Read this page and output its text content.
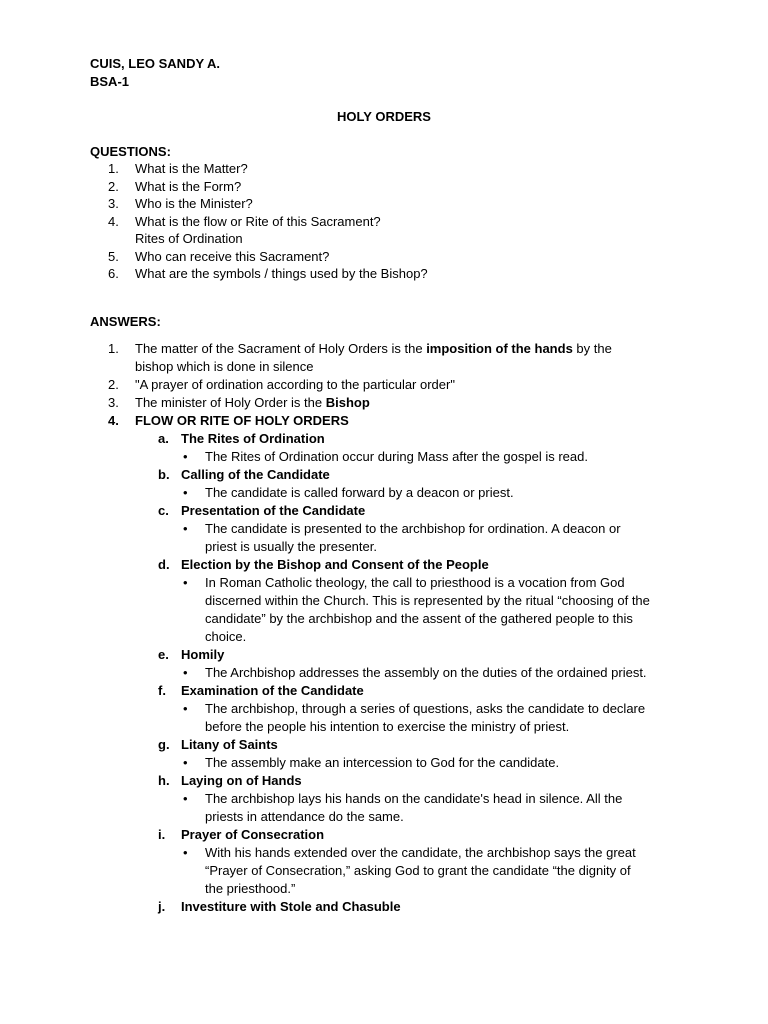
CUIS, LEO SANDY A.
BSA-1
HOLY ORDERS
QUESTIONS:
1.	What is the Matter?
2.	What is the Form?
3.	Who is the Minister?
4.	What is the flow or Rite of this Sacrament?
Rites of Ordination
5.	Who can receive this Sacrament?
6.	What are the symbols / things used by the Bishop?
ANSWERS:
1.	The matter of the Sacrament of Holy Orders is the imposition of the hands by the
bishop which is done in silence
2.	"A prayer of ordination according to the particular order"
3.	The minister of Holy Order is the Bishop
4.	FLOW OR RITE OF HOLY ORDERS
a. The Rites of Ordination
•	The Rites of Ordination occur during Mass after the gospel is read.
b. Calling of the Candidate
•	The candidate is called forward by a deacon or priest.
c. Presentation of the Candidate
•	The candidate is presented to the archbishop for ordination. A deacon or
priest is usually the presenter.
d. Election by the Bishop and Consent of the People
•	In Roman Catholic theology, the call to priesthood is a vocation from God
discerned within the Church. This is represented by the ritual “choosing of the
candidate” by the archbishop and the assent of the gathered people to this
choice.
e. Homily
•	The Archbishop addresses the assembly on the duties of the ordained priest.
f.	Examination of the Candidate
•	The archbishop, through a series of questions, asks the candidate to declare
before the people his intention to exercise the ministry of priest.
g. Litany of Saints
•	The assembly make an intercession to God for the candidate.
h. Laying on of Hands
•	The archbishop lays his hands on the candidate's head in silence. All the
priests in attendance do the same.
i.	Prayer of Consecration
•	With his hands extended over the candidate, the archbishop says the great
“Prayer of Consecration,” asking God to grant the candidate “the dignity of
the priesthood.”
j.	Investiture with Stole and Chasuble
